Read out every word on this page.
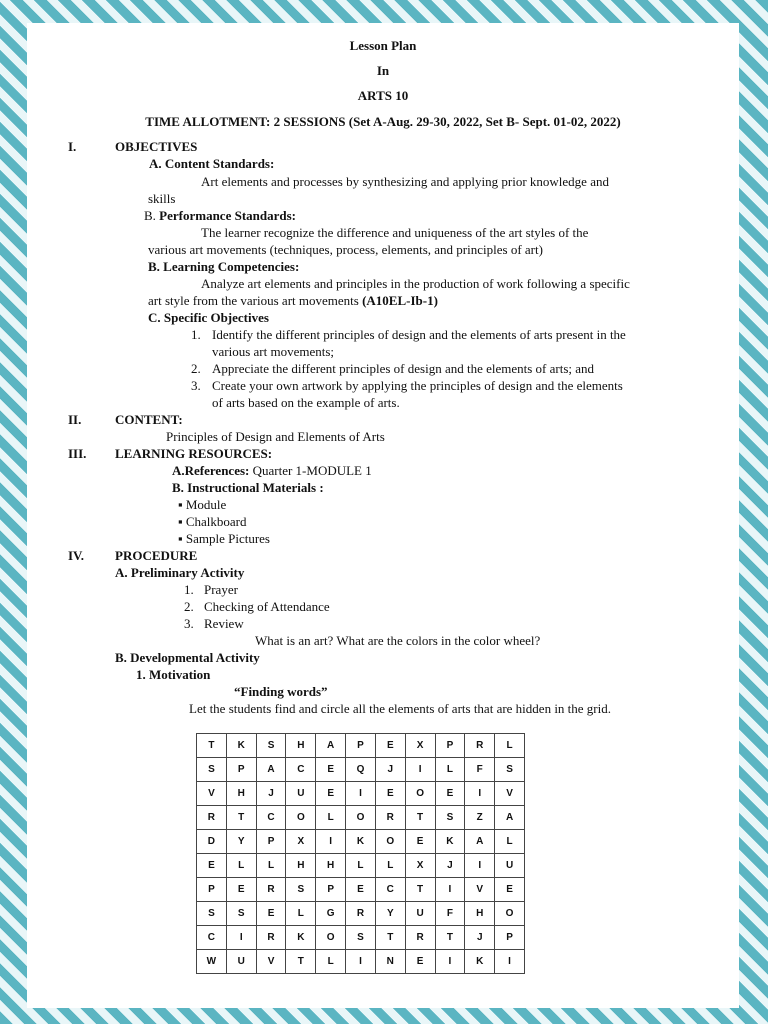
Lesson Plan
In
ARTS 10
TIME ALLOTMENT: 2 SESSIONS (Set A-Aug. 29-30, 2022, Set B- Sept. 01-02, 2022)
I.	OBJECTIVES
A. Content Standards:
Art elements and processes by synthesizing and applying prior knowledge and
skills
B. Performance Standards:
The learner recognize the difference and uniqueness of the art styles of the
various art movements (techniques, process, elements, and principles of art)
B. Learning Competencies:
Analyze art elements and principles in the production of work following a specific
art style from the various art movements (A10EL-Ib-1)
C. Specific Objectives
1. Identify the different principles of design and the elements of arts present in the
various art movements;
2. Appreciate the different principles of design and the elements of arts; and
3. Create your own artwork by applying the principles of design and the elements
of arts based on the example of arts.
II.	CONTENT:
Principles of Design and Elements of Arts
III. LEARNING RESOURCES:
A.References: Quarter 1-MODULE 1
B. Instructional Materials :
▪ Module
▪ Chalkboard
▪ Sample Pictures
IV. PROCEDURE
A. Preliminary Activity
1. Prayer
2. Checking of Attendance
3. Review
What is an art? What are the colors in the color wheel?
B. Developmental Activity
1. Motivation
“Finding words”
Let the students find and circle all the elements of arts that are hidden in the grid.
T	K	S	H	A	P	E	X	P	R	L
S	P	A	C	E	Q	J	I	L	F	S
V	H	J	U	E	I	E	O	E	I	V
R	T	C	O	L	O	R	T	S	Z	A
D	Y	P	X	I	K	O	E	K	A	L
E	L	L	H	H	L	L	X	J	I	U
P	E	R	S	P	E	C	T	I	V	E
S	S	E	L	G	R	Y	U	F	H	O
C	I	R	K	O	S	T	R	T	J	P
W	U	V	T	L	I	N	E	I	K	I
